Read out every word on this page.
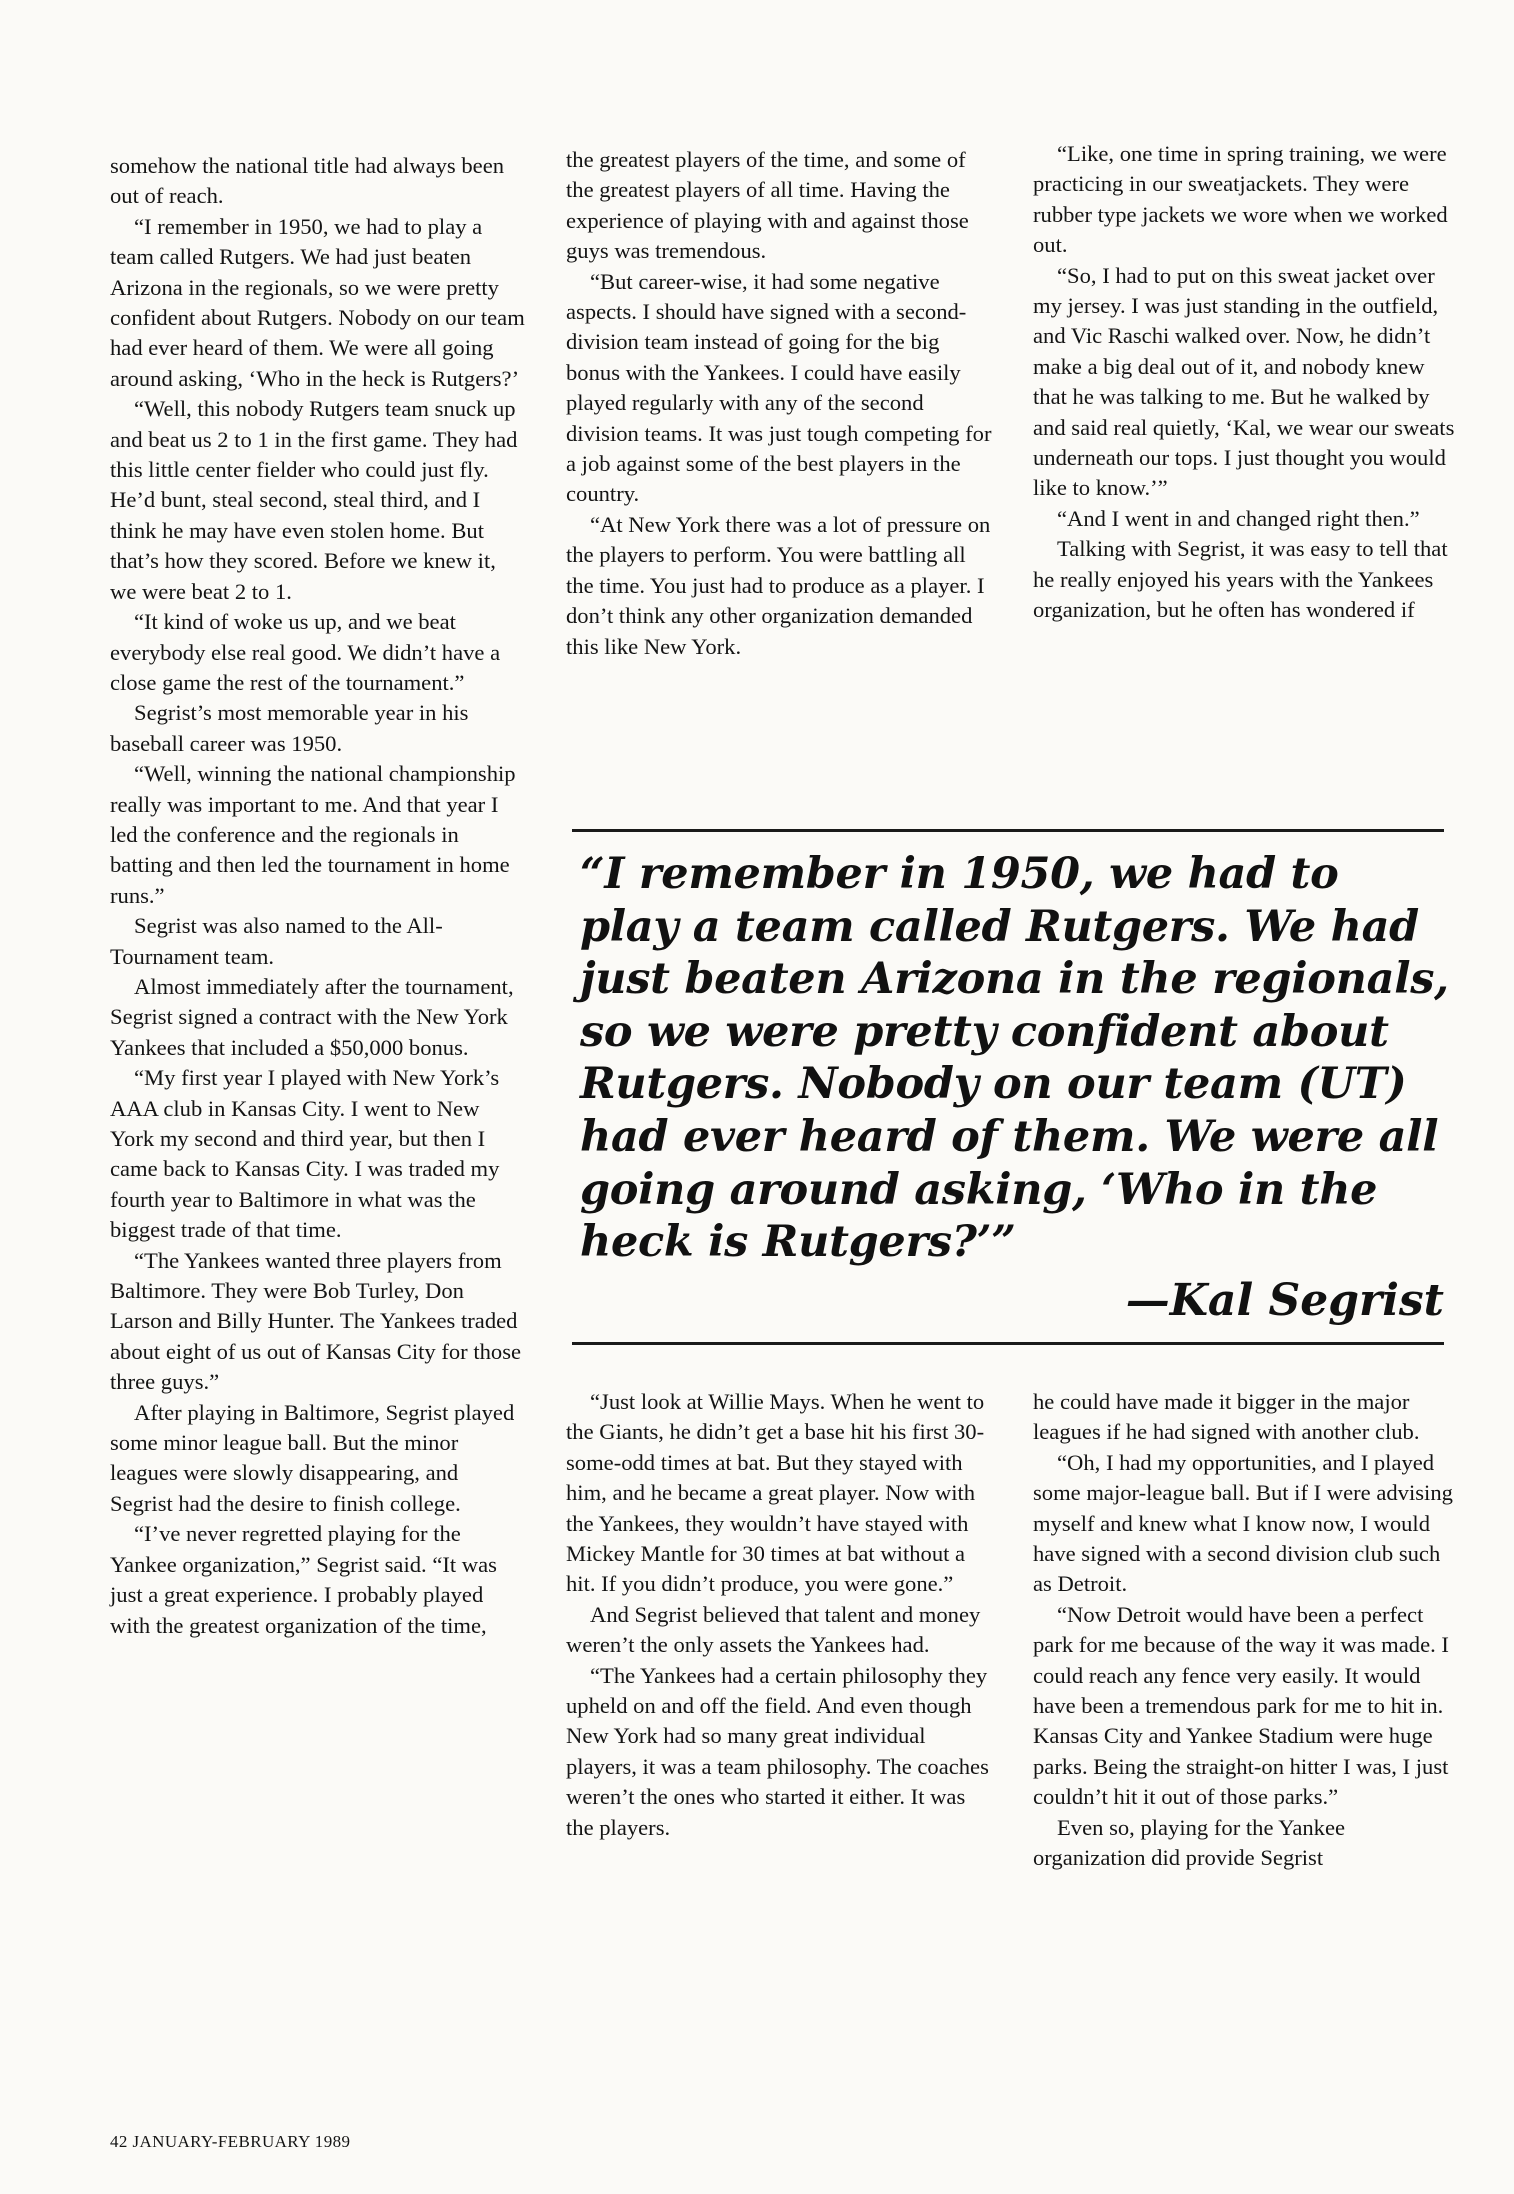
somehow the national title had always been out of reach.

“I remember in 1950, we had to play a team called Rutgers. We had just beaten Arizona in the regionals, so we were pretty confident about Rutgers. Nobody on our team had ever heard of them. We were all going around asking, ‘Who in the heck is Rutgers?’

“Well, this nobody Rutgers team snuck up and beat us 2 to 1 in the first game. They had this little center fielder who could just fly. He’d bunt, steal second, steal third, and I think he may have even stolen home. But that’s how they scored. Before we knew it, we were beat 2 to 1.

“It kind of woke us up, and we beat everybody else real good. We didn’t have a close game the rest of the tournament.”

Segrist’s most memorable year in his baseball career was 1950.

“Well, winning the national championship really was important to me. And that year I led the conference and the regionals in batting and then led the tournament in home runs.”

Segrist was also named to the All-Tournament team.

Almost immediately after the tournament, Segrist signed a contract with the New York Yankees that included a $50,000 bonus.

“My first year I played with New York’s AAA club in Kansas City. I went to New York my second and third year, but then I came back to Kansas City. I was traded my fourth year to Baltimore in what was the biggest trade of that time.

“The Yankees wanted three players from Baltimore. They were Bob Turley, Don Larson and Billy Hunter. The Yankees traded about eight of us out of Kansas City for those three guys.”

After playing in Baltimore, Segrist played some minor league ball. But the minor leagues were slowly disappearing, and Segrist had the desire to finish college.

“I’ve never regretted playing for the Yankee organization,” Segrist said. “It was just a great experience. I probably played with the greatest organization of the time,

the greatest players of the time, and some of the greatest players of all time. Having the experience of playing with and against those guys was tremendous.

“But career-wise, it had some negative aspects. I should have signed with a second-division team instead of going for the big bonus with the Yankees. I could have easily played regularly with any of the second division teams. It was just tough competing for a job against some of the best players in the country.

“At New York there was a lot of pressure on the players to perform. You were battling all the time. You just had to produce as a player. I don’t think any other organization demanded this like New York.

“Like, one time in spring training, we were practicing in our sweatjackets. They were rubber type jackets we wore when we worked out.

“So, I had to put on this sweat jacket over my jersey. I was just standing in the outfield, and Vic Raschi walked over. Now, he didn’t make a big deal out of it, and nobody knew that he was talking to me. But he walked by and said real quietly, ‘Kal, we wear our sweats underneath our tops. I just thought you would like to know.’”

“And I went in and changed right then.”

Talking with Segrist, it was easy to tell that he really enjoyed his years with the Yankees organization, but he often has wondered if

“I remember in 1950, we had to play a team called Rutgers. We had just beaten Arizona in the regionals, so we were pretty confident about Rutgers. Nobody on our team (UT) had ever heard of them. We were all going around asking, ‘Who in the heck is Rutgers?’”
—Kal Segrist

“Just look at Willie Mays. When he went to the Giants, he didn’t get a base hit his first 30-some-odd times at bat. But they stayed with him, and he became a great player. Now with the Yankees, they wouldn’t have stayed with Mickey Mantle for 30 times at bat without a hit. If you didn’t produce, you were gone.”

And Segrist believed that talent and money weren’t the only assets the Yankees had.

“The Yankees had a certain philosophy they upheld on and off the field. And even though New York had so many great individual players, it was a team philosophy. The coaches weren’t the ones who started it either. It was the players.

he could have made it bigger in the major leagues if he had signed with another club.

“Oh, I had my opportunities, and I played some major-league ball. But if I were advising myself and knew what I know now, I would have signed with a second division club such as Detroit.

“Now Detroit would have been a perfect park for me because of the way it was made. I could reach any fence very easily. It would have been a tremendous park for me to hit in. Kansas City and Yankee Stadium were huge parks. Being the straight-on hitter I was, I just couldn’t hit it out of those parks.”

Even so, playing for the Yankee organization did provide Segrist

42 JANUARY-FEBRUARY 1989
